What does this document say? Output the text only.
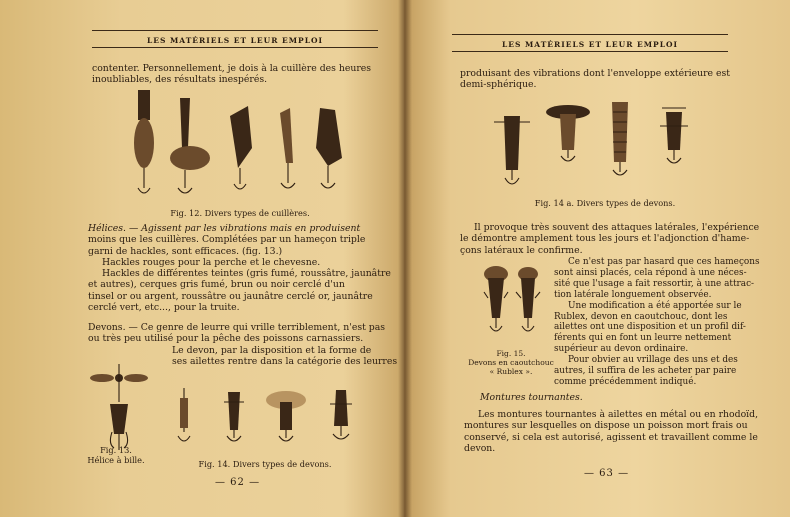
LES MATÉRIELS ET LEUR EMPLOI
contenter. Personnellement, je dois à la cuillère des heures
inoubliables, des résultats inespérés.
Fig. 12. Divers types de cuillères.
Hélices. — Agissent par les vibrations mais en produisent
moins que les cuillères. Complétées par un hameçon triple
garni de hackles, sont efficaces. (fig. 13.)
Hackles rouges pour la perche et le chevesne.
Hackles de différentes teintes (gris fumé, roussâtre, jaunâtre
et autres), cerques gris fumé, brun ou noir cerclé d'un
tinsel or ou argent, roussâtre ou jaunâtre cerclé or, jaunâtre
cerclé vert, etc..., pour la truite.
Devons. — Ce genre de leurre qui vrille terriblement, n'est pas
ou très peu utilisé pour la pêche des poissons carnassiers.
Le devon, par la disposition et la forme de
ses ailettes rentre dans la catégorie des leurres
Fig. 13.
Hélice à bille.	Fig. 14. Divers types de devons.
— 62 —
LES MATÉRIELS ET LEUR EMPLOI
produisant des vibrations dont l'enveloppe extérieure est
demi-sphérique.
Fig. 14 a. Divers types de devons.
Il provoque très souvent des attaques latérales, l'expérience
le démontre amplement tous les jours et l'adjonction d'hame-
çons latéraux le confirme.
Fig. 15.
Devons en caoutchouc
« Rublex ».
Ce n'est pas par hasard que ces hameçons
sont ainsi placés, cela répond à une néces-
sité que l'usage a fait ressortir, à une attrac-
tion latérale longuement observée.
Une modification a été apportée sur le
Rublex, devon en caoutchouc, dont les
ailettes ont une disposition et un profil dif-
férents qui en font un leurre nettement
supérieur au devon ordinaire.
Pour obvier au vrillage des uns et des
autres, il suffira de les acheter par paire
comme précédemment indiqué.
Montures tournantes.
Les montures tournantes à ailettes en métal ou en rhodoïd,
montures sur lesquelles on dispose un poisson mort frais ou
conservé, si cela est autorisé, agissent et travaillent comme le
devon.
— 63 —
